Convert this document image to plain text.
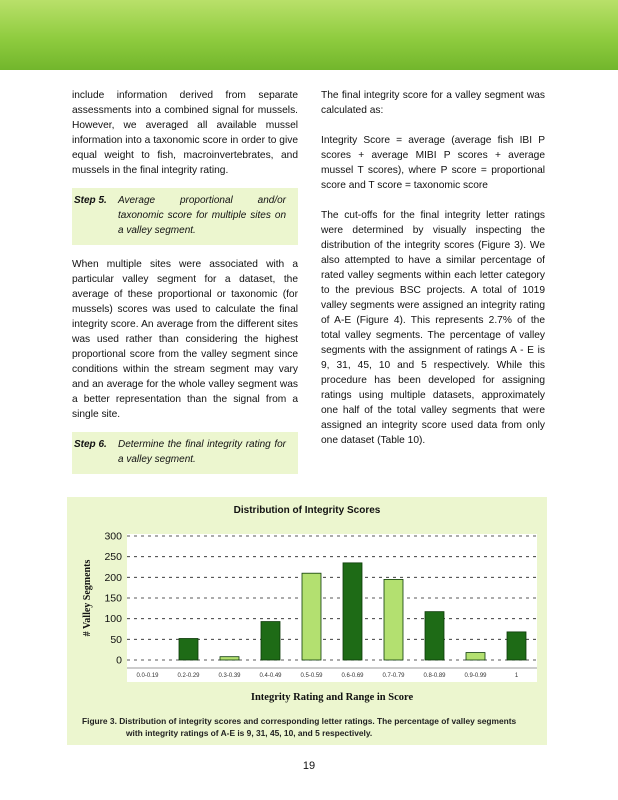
include information derived from separate assessments into a combined signal for mussels. However, we averaged all available mussel information into a taxonomic score in order to give equal weight to fish, macroinvertebrates, and mussels in the final integrity rating.

Step 5.	Average proportional and/or taxonomic score for multiple sites on a valley segment.

When multiple sites were associated with a particular valley segment for a dataset, the average of these proportional or taxonomic (for mussels) scores was used to calculate the final integrity score. An average from the different sites was used rather than considering the highest proportional score from the valley segment since conditions within the stream segment may vary and an average for the whole valley segment was a better representation than the signal from a single site.

Step 6.	Determine the final integrity rating for a valley segment.

The final integrity score for a valley segment was calculated as:

Integrity Score = average (average fish IBI P scores + average MIBI P scores + average mussel T scores), where P score = proportional score and T score = taxonomic score

The cut-offs for the final integrity letter ratings were determined by visually inspecting the distribution of the integrity scores (Figure 3). We also attempted to have a similar percentage of rated valley segments within each letter category to the previous BSC projects. A total of 1019 valley segments were assigned an integrity rating of A-E (Figure 4). This represents 2.7% of the total valley segments. The percentage of valley segments with the assignment of ratings A - E is 9, 31, 45, 10 and 5 respectively. While this procedure has been developed for assigning ratings using multiple datasets, approximately one half of the total valley segments that were assigned an integrity score used data from only one dataset (Table 10).

Distribution of Integrity Scores
0
50
100
150
200
250
300
0.0-0.19	0.2-0.29	0.3-0.39	0.4-0.49	0.5-0.59	0.6-0.69	0.7-0.79	0.8-0.89	0.9-0.99	1
Integrity Rating and Range in Score
# Valley Segments
Figure 3. Distribution of integrity scores and corresponding letter ratings. The percentage of valley segments
with integrity ratings of A-E is 9, 31, 45, 10, and 5 respectively.
19
